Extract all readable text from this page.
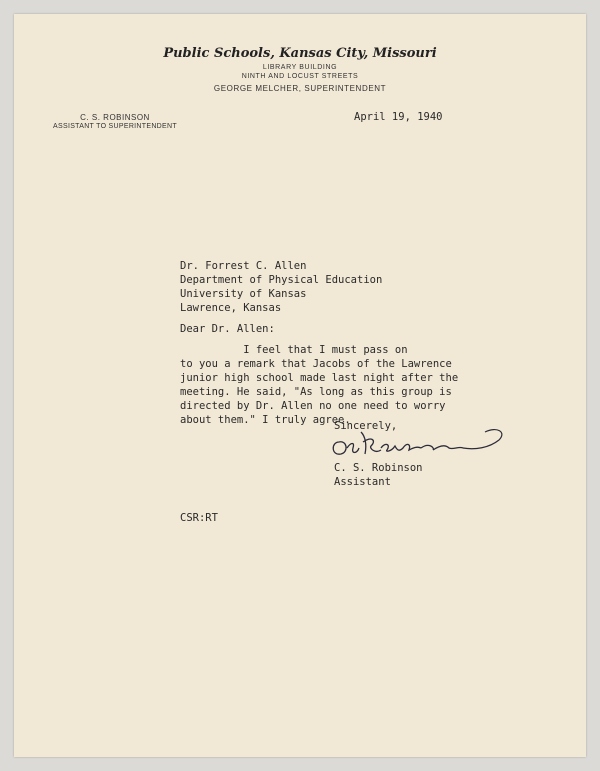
Public Schools, Kansas City, Missouri
LIBRARY BUILDING
NINTH AND LOCUST STREETS
GEORGE MELCHER, SUPERINTENDENT
C. S. ROBINSON
ASSISTANT TO SUPERINTENDENT
April 19, 1940
Dr. Forrest C. Allen
Department of Physical Education
University of Kansas
Lawrence, Kansas
Dear Dr. Allen:
I feel that I must pass on
to you a remark that Jacobs of the Lawrence
junior high school made last night after the
meeting. He said, "As long as this group is
directed by Dr. Allen no one need to worry
about them." I truly agree.
Sincerely,
C. S. Robinson
Assistant
CSR:RT
